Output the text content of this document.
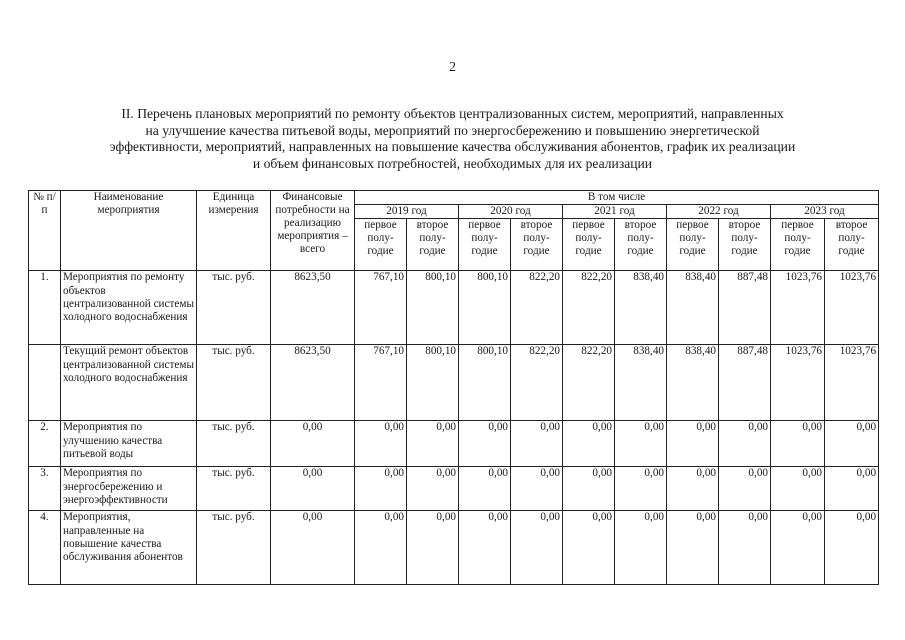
2
II. Перечень плановых мероприятий по ремонту объектов централизованных систем, мероприятий, направленных
на улучшение качества питьевой воды, мероприятий по энергосбережению и повышению энергетической
эффективности, мероприятий, направленных на повышение качества обслуживания абонентов, график их реализации
и объем финансовых потребностей, необходимых для их реализации
№ п/п	Наименование мероприятия	Единица измерения	Финансовые потребности на реализацию мероприятия – всего	В том числе									
				2019 год		2020 год		2021 год		2022 год		2023 год	
				первое полу-годие	второе полу-годие	первое полу-годие	второе полу-годие	первое полу-годие	второе полу-годие	первое полу-годие	второе полу-годие	первое полу-годие	второе полу-годие
1.	Мероприятия по ремонту объектов централизованной системы холодного водоснабжения	тыс. руб.	8623,50	767,10	800,10	800,10	822,20	822,20	838,40	838,40	887,48	1023,76	1023,76
	Текущий ремонт объектов централизованной системы холодного водоснабжения	тыс. руб.	8623,50	767,10	800,10	800,10	822,20	822,20	838,40	838,40	887,48	1023,76	1023,76
2.	Мероприятия по улучшению качества питьевой воды	тыс. руб.	0,00	0,00	0,00	0,00	0,00	0,00	0,00	0,00	0,00	0,00	0,00
3.	Мероприятия по энергосбережению и энергоэффективности	тыс. руб.	0,00	0,00	0,00	0,00	0,00	0,00	0,00	0,00	0,00	0,00	0,00
4.	Мероприятия, направленные на повышение качества обслуживания абонентов	тыс. руб.	0,00	0,00	0,00	0,00	0,00	0,00	0,00	0,00	0,00	0,00	0,00
